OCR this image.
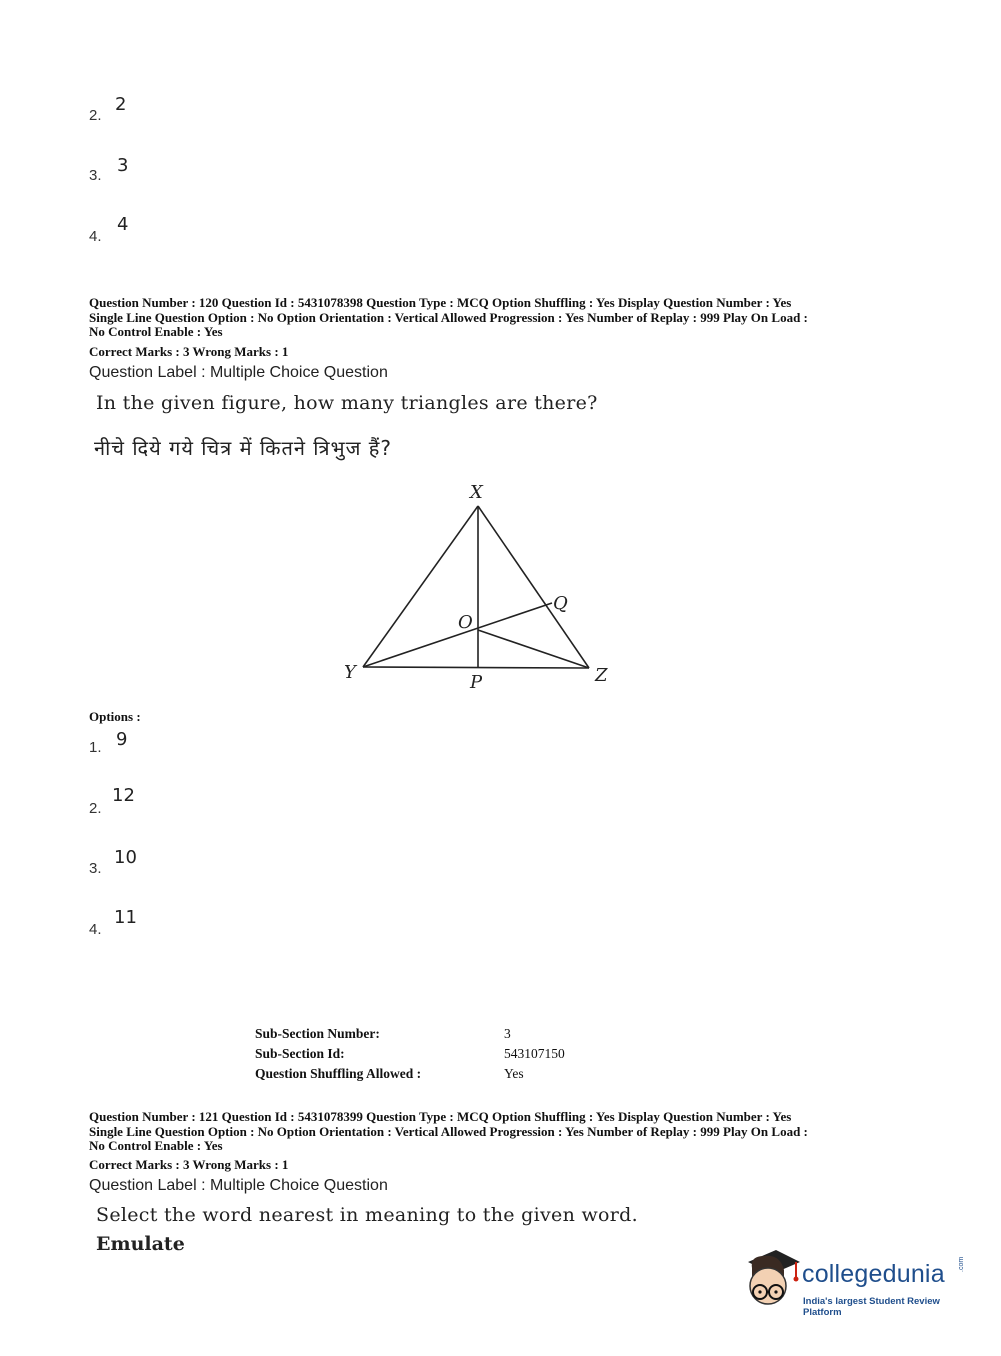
2.
2
3. 3
4.
4
Question Number : 120 Question Id : 5431078398 Question Type : MCQ Option Shuffling : Yes Display Question Number : Yes
Single Line Question Option : No Option Orientation : Vertical Allowed Progression : Yes Number of Replay : 999 Play On Load :
No Control Enable : Yes
Correct Marks : 3 Wrong Marks : 1
Question Label : Multiple Choice Question
In the given figure, how many triangles are there?
नीचे दिये गये चित्र में कितने त्रिभुज हैं?
X
Y	Z
P
Q
O
Options :
1. 9
2.
12
3.
10
4.
11
Sub-Section Number:	3
Sub-Section Id:	543107150
Question Shuffling Allowed :	Yes
Question Number : 121 Question Id : 5431078399 Question Type : MCQ Option Shuffling : Yes Display Question Number : Yes
Single Line Question Option : No Option Orientation : Vertical Allowed Progression : Yes Number of Replay : 999 Play On Load :
No Control Enable : Yes
Correct Marks : 3 Wrong Marks : 1
Question Label : Multiple Choice Question
Select the word nearest in meaning to the given word.
Emulate
collegedunia .com
India's largest Student Review Platform
